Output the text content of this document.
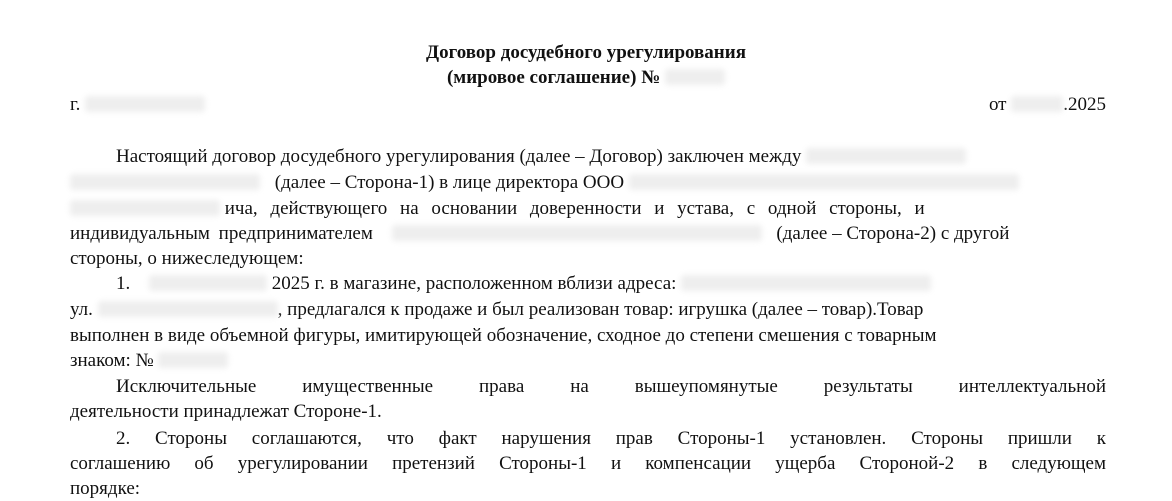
Договор досудебного урегулирования
(мировое соглашение) №
г.	от	.2025
Настоящий договор досудебного урегулирования (далее – Договор) заключен между
(далее – Сторона-1) в лице директора ООО
ича, действующего на основании доверенности и устава, с одной стороны, и
индивидуальным предпринимателем	(далее – Сторона-2) с другой
стороны, о нижеследующем:
1.	2025 г. в магазине, расположенном вблизи адреса:
ул.	, предлагался к продаже и был реализован товар: игрушка (далее – товар).Товар
выполнен в виде объемной фигуры, имитирующей обозначение, сходное до степени смешения с товарным
знаком: №
Исключительные имущественные права на вышеупомянутые результаты интеллектуальной
деятельности принадлежат Стороне-1.
2. Стороны соглашаются, что факт нарушения прав Стороны-1 установлен. Стороны пришли к
соглашению об урегулировании претензий Стороны-1 и компенсации ущерба Стороной-2 в следующем
порядке:
